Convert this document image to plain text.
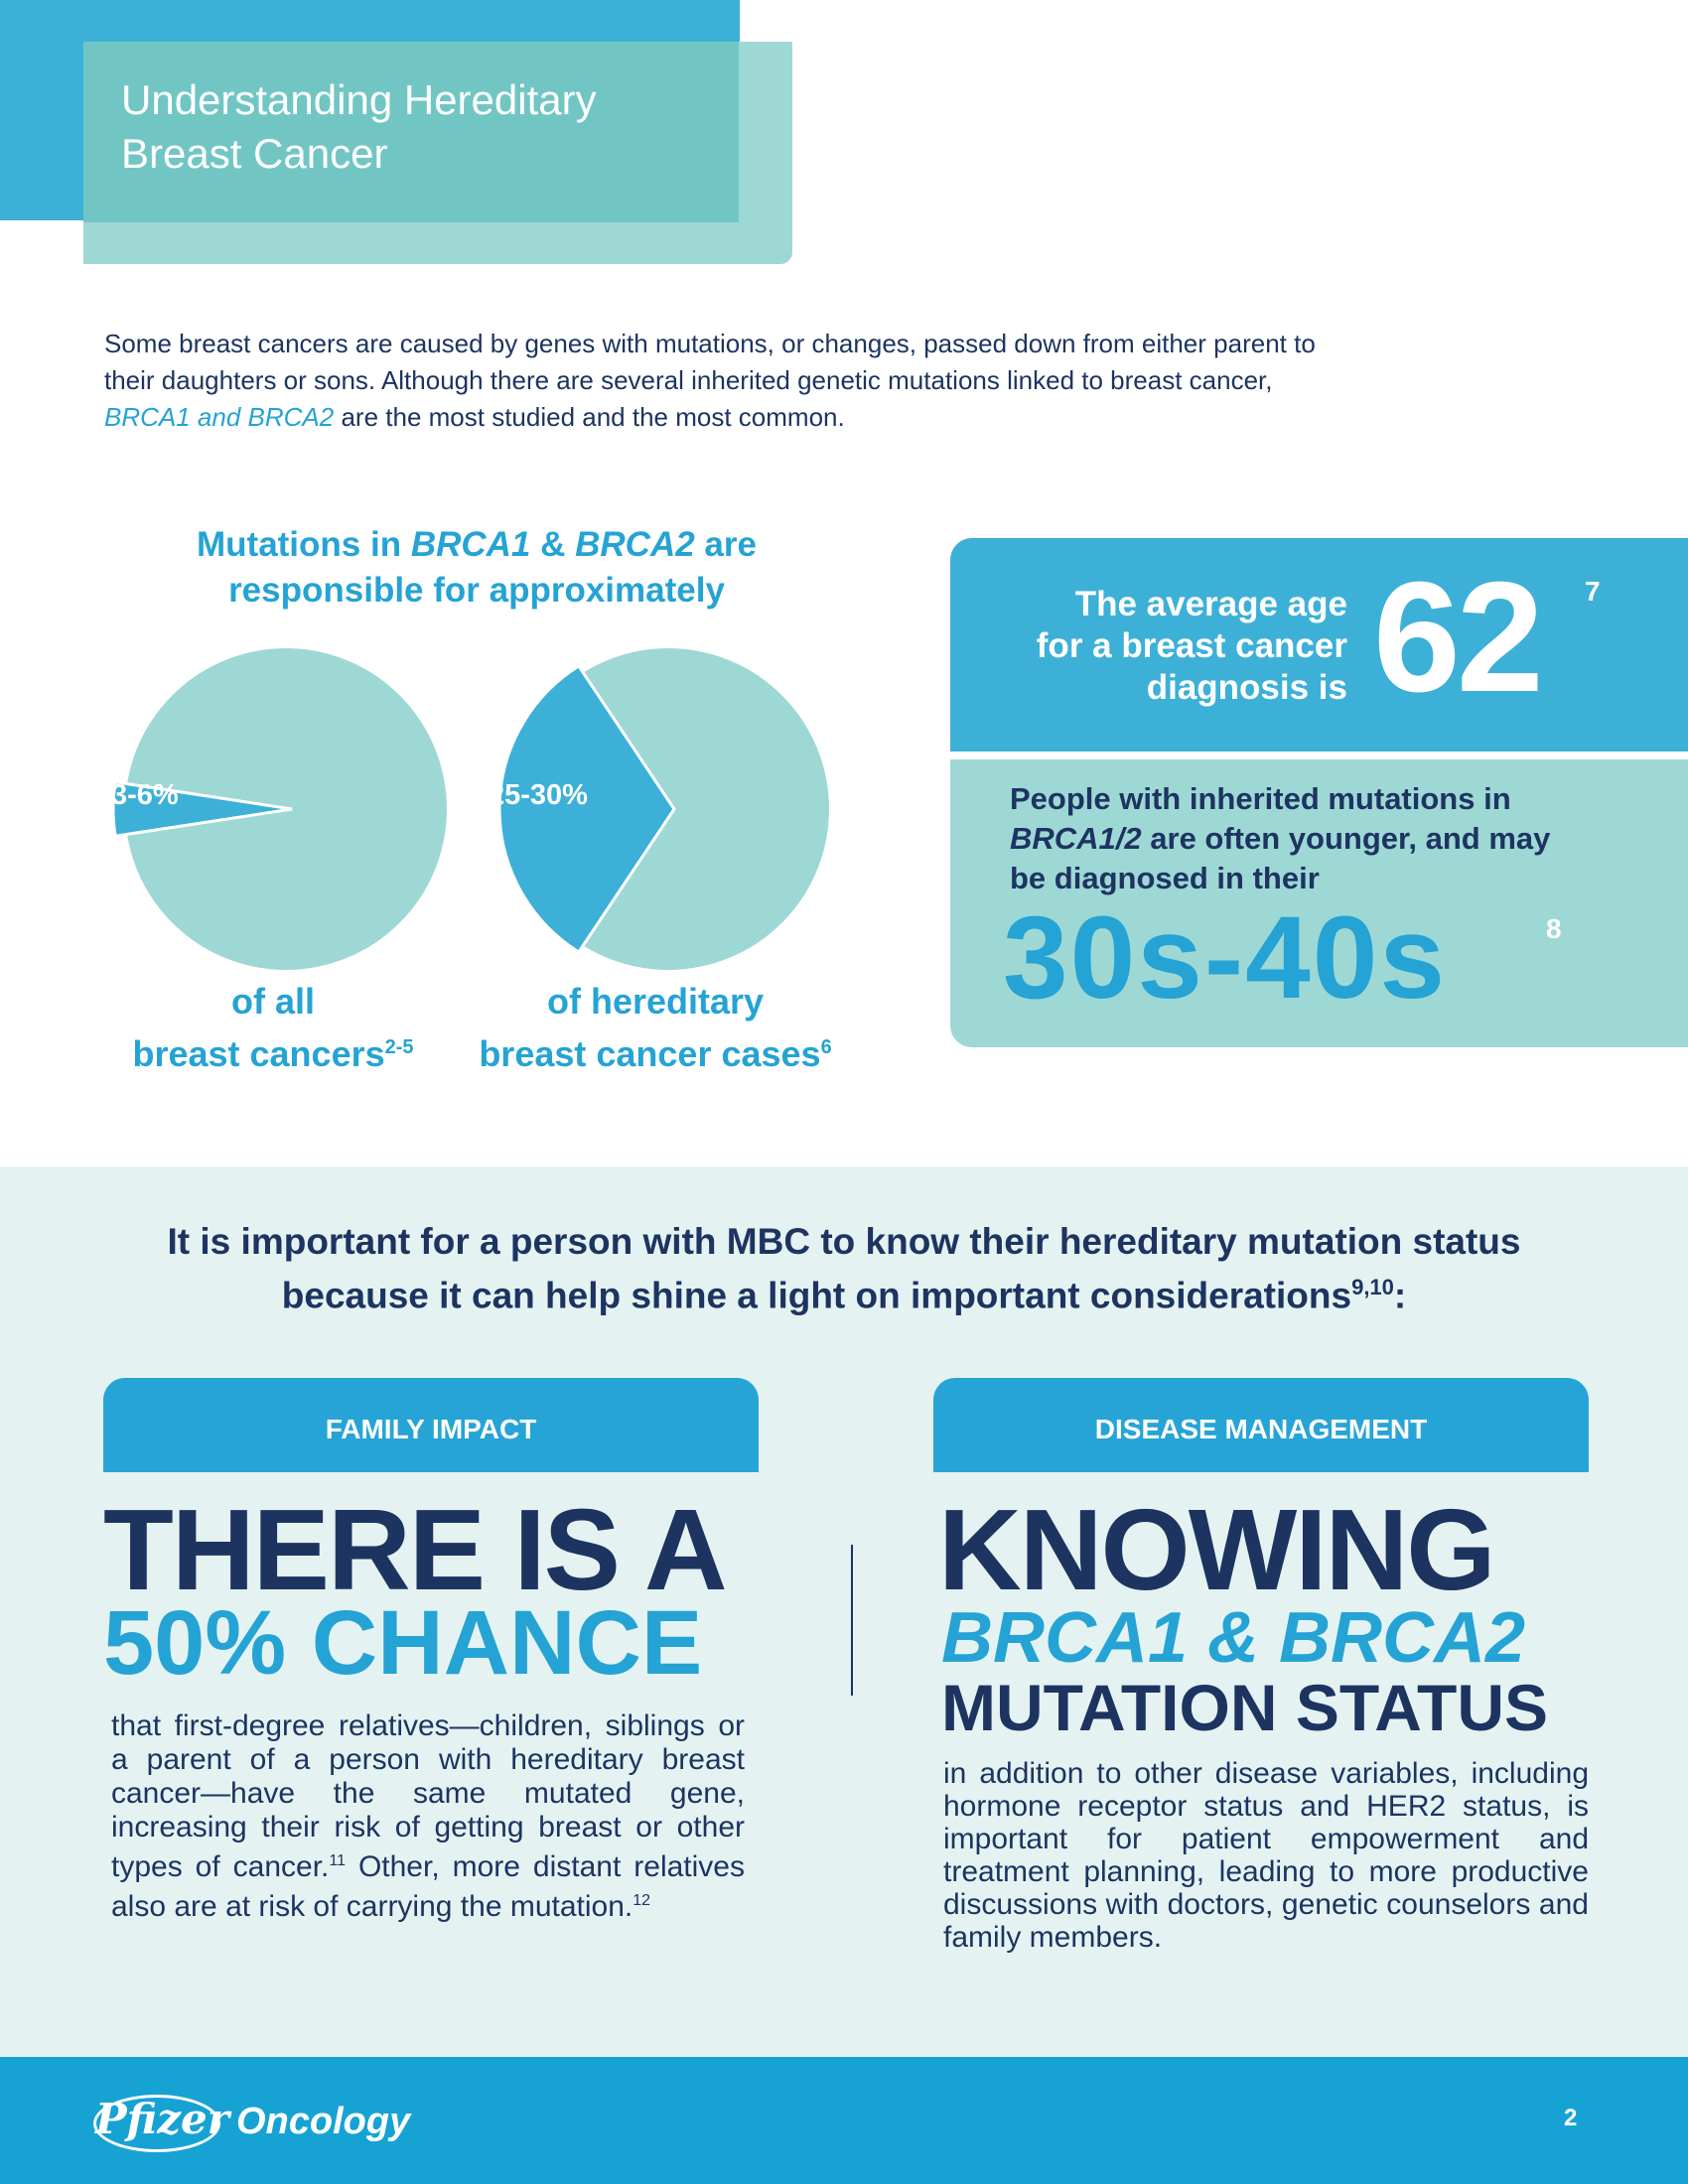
Understanding Hereditary
Breast Cancer
Some breast cancers are caused by genes with mutations, or changes, passed down from either parent to
their daughters or sons. Although there are several inherited genetic mutations linked to breast cancer,
BRCA1 and BRCA2 are the most studied and the most common.
Mutations in BRCA1 & BRCA2 are
responsible for approximately
3-6%	25-30%
of all
breast cancers$^{2-5}$
of hereditary
breast cancer cases$^6$
The average age
for a breast cancer
diagnosis is 62 7
People with inherited mutations in
BRCA1/2 are often younger, and may
be diagnosed in their
30s-40s	8
It is important for a person with MBC to know their hereditary mutation status
because it can help shine a light on important considerations$^{9,10}$:
FAMILY IMPACT	DISEASE MANAGEMENT
THERE IS A
50% CHANCE
that first-degree relatives—children, siblings or a parent of a person with hereditary breast cancer—have the same mutated gene, increasing their risk of getting breast or other types of cancer.$^{11}$ Other, more distant relatives also are at risk of carrying the mutation.$^{12}$
KNOWING
BRCA1 & BRCA2
MUTATION STATUS
in addition to other disease variables, including hormone receptor status and HER2 status, is important for patient empowerment and treatment planning, leading to more productive discussions with doctors, genetic counselors and family members.
Pfizer Oncology	2
